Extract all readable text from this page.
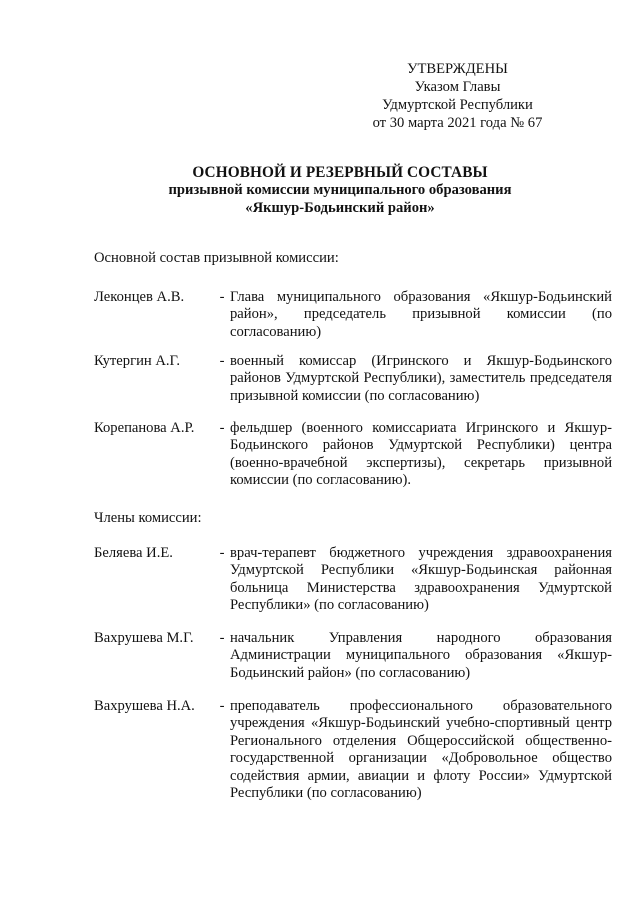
УТВЕРЖДЕНЫ
Указом Главы
Удмуртской Республики
от 30 марта 2021 года № 67
ОСНОВНОЙ И РЕЗЕРВНЫЙ СОСТАВЫ
призывной комиссии муниципального образования
«Якшур-Бодьинский район»
Основной состав призывной комиссии:
Леконцев А.В.	- Глава муниципального образования «Якшур-Бодьинский район», председатель призывной комиссии (по согласованию)
Кутергин А.Г.	- военный комиссар (Игринского и Якшур-Бодьинского районов Удмуртской Республики), заместитель председателя призывной комиссии (по согласованию)
Корепанова А.Р.	- фельдшер (военного комиссариата Игринского и Якшур-Бодьинского районов Удмуртской Республики) центра (военно-врачебной экспертизы), секретарь призывной комиссии (по согласованию).
Члены комиссии:
Беляева И.Е.	- врач-терапевт бюджетного учреждения здравоохранения Удмуртской Республики «Якшур-Бодьинская районная больница Министерства здравоохранения Удмуртской Республики» (по согласованию)
Вахрушева М.Г.	- начальник Управления народного образования Администрации муниципального образования «Якшур-Бодьинский район» (по согласованию)
Вахрушева Н.А.	- преподаватель профессионального образовательного учреждения «Якшур-Бодьинский учебно-спортивный центр Регионального отделения Общероссийской общественно-государственной организации «Добровольное общество содействия армии, авиации и флоту России» Удмуртской Республики (по согласованию)
